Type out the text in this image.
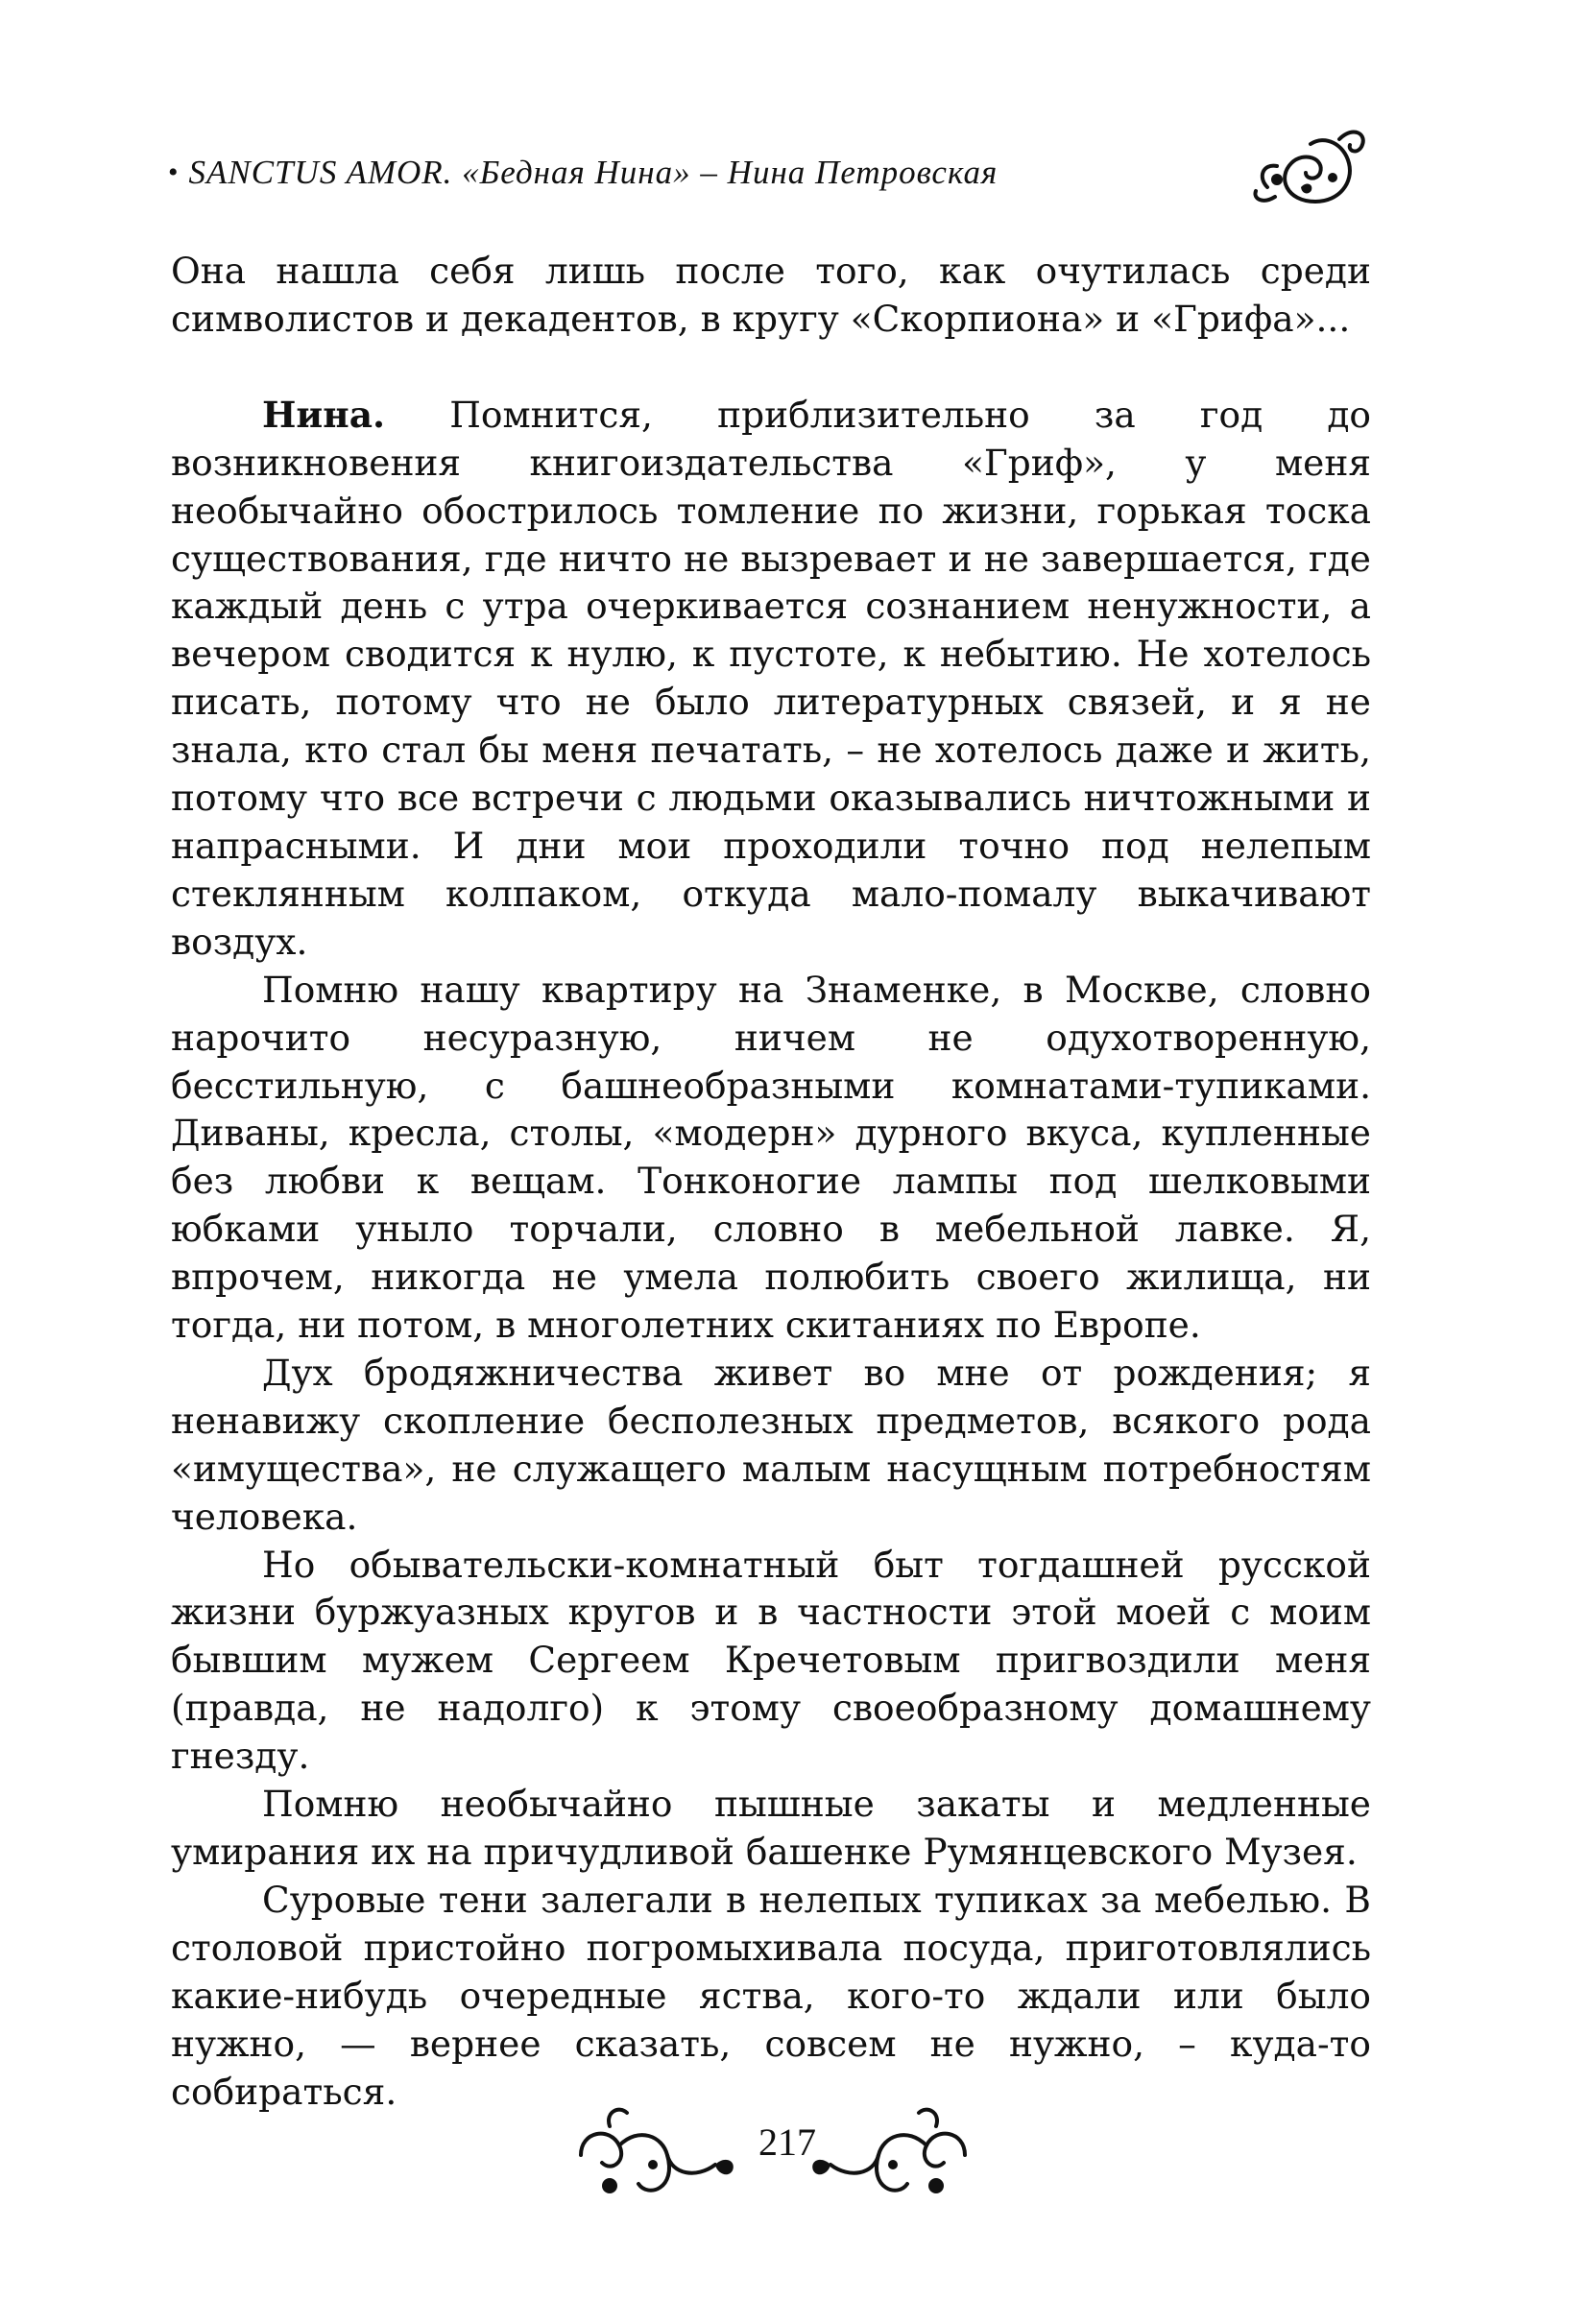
• SANCTUS AMOR. «Бедная Нина» – Нина Петровская

Она нашла себя лишь после того, как очутилась среди символистов и декадентов, в кругу «Скорпиона» и «Грифа»...

Нина. Помнится, приблизительно за год до возникновения книгоиздательства «Гриф», у меня необычайно обострилось томление по жизни, горькая тоска существования, где ничто не вызревает и не завершается, где каждый день с утра очеркивается сознанием ненужности, а вечером сводится к нулю, к пустоте, к небытию. Не хотелось писать, потому что не было литературных связей, и я не знала, кто стал бы меня печатать, – не хотелось даже и жить, потому что все встречи с людьми оказывались ничтожными и напрасными. И дни мои проходили точно под нелепым стеклянным колпаком, откуда мало-помалу выкачивают воздух.

Помню нашу квартиру на Знаменке, в Москве, словно нарочито несуразную, ничем не одухотворенную, бесстильную, с башнеобразными комнатами-тупиками. Диваны, кресла, столы, «модерн» дурного вкуса, купленные без любви к вещам. Тонконогие лампы под шелковыми юбками уныло торчали, словно в мебельной лавке. Я, впрочем, никогда не умела полюбить своего жилища, ни тогда, ни потом, в многолетних скитаниях по Европе.

Дух бродяжничества живет во мне от рождения; я ненавижу скопление бесполезных предметов, всякого рода «имущества», не служащего малым насущным потребностям человека.

Но обывательски-комнатный быт тогдашней русской жизни буржуазных кругов и в частности этой моей с моим бывшим мужем Сергеем Кречетовым пригвоздили меня (правда, не надолго) к этому своеобразному домашнему гнезду.

Помню необычайно пышные закаты и медленные умирания их на причудливой башенке Румянцевского Музея.

Суровые тени залегали в нелепых тупиках за мебелью. В столовой пристойно погромыхивала посуда, приготовлялись какие-нибудь очередные яства, кого-то ждали или было нужно, — вернее сказать, совсем не нужно, – куда-то собираться.

217
